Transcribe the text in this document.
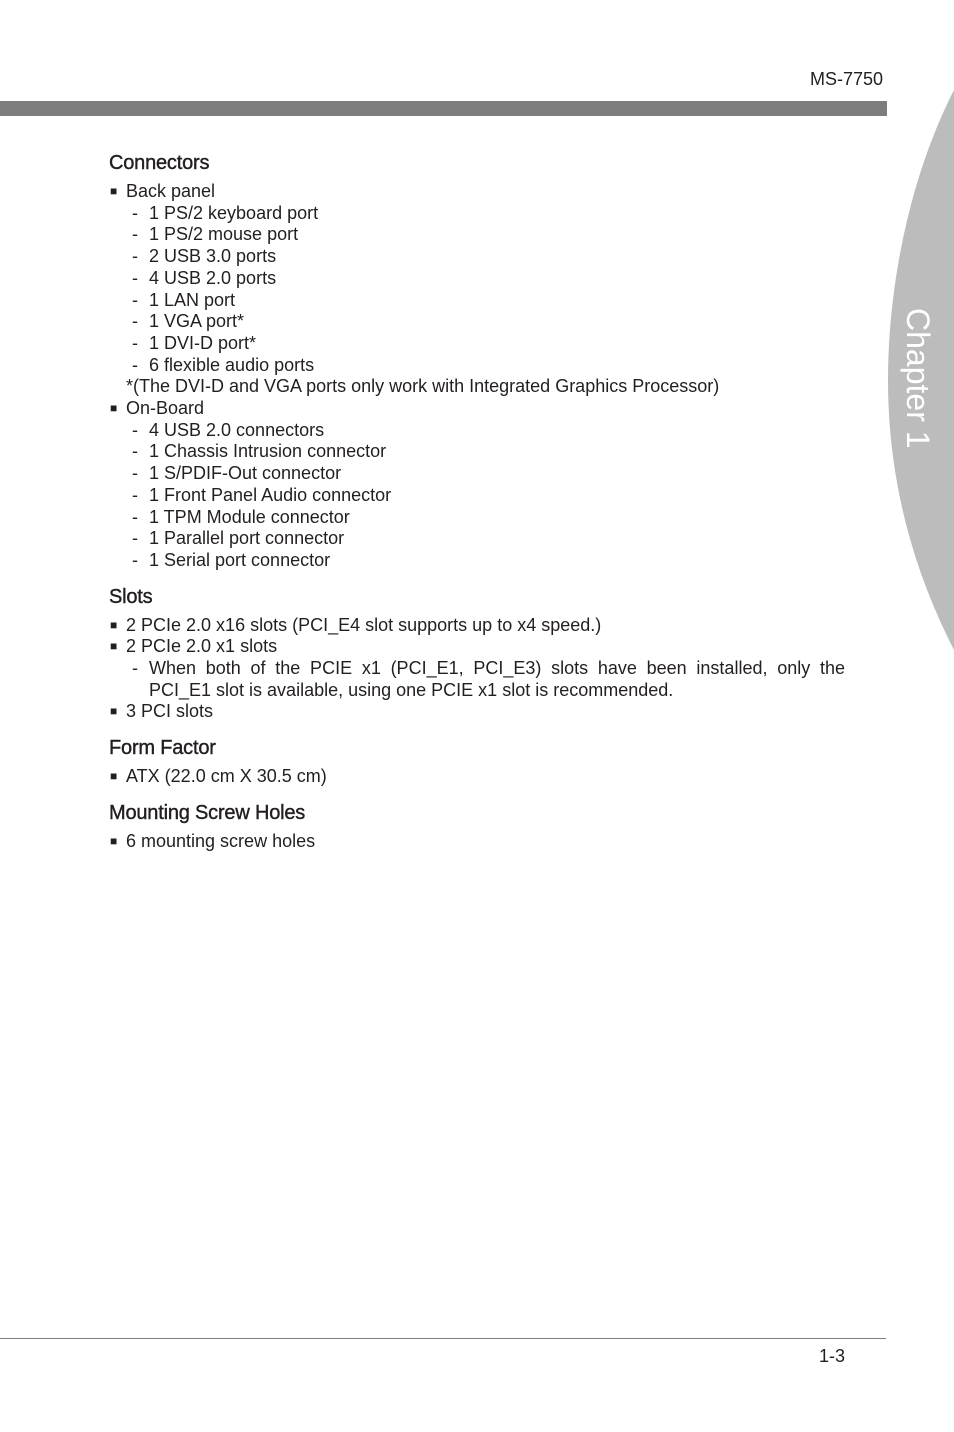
MS-7750
Chapter 1
Connectors
■ Back panel
- 1 PS/2 keyboard port
- 1 PS/2 mouse port
- 2 USB 3.0 ports
- 4 USB 2.0 ports
- 1 LAN port
- 1 VGA port*
- 1 DVI-D port*
- 6 flexible audio ports
*(The DVI-D and VGA ports only work with Integrated Graphics Processor)
■ On-Board
- 4 USB 2.0 connectors
- 1 Chassis Intrusion connector
- 1 S/PDIF-Out connector
- 1 Front Panel Audio connector
- 1 TPM Module connector
- 1 Parallel port connector
- 1 Serial port connector
Slots
■ 2 PCIe 2.0 x16 slots (PCI_E4 slot supports up to x4 speed.)
■ 2 PCIe 2.0 x1 slots
- When both of the PCIE x1 (PCI_E1, PCI_E3) slots have been installed, only the PCI_E1 slot is available, using one PCIE x1 slot is recommended.
■ 3 PCI slots
Form Factor
■ ATX (22.0 cm X 30.5 cm)
Mounting Screw Holes
■ 6 mounting screw holes
1-3
